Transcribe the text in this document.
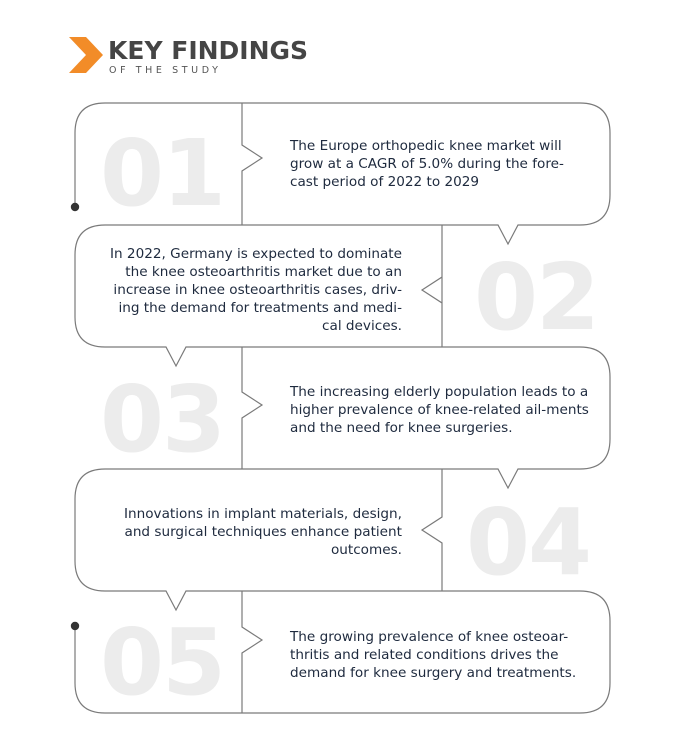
KEY FINDINGS
OF THE STUDY
01
02
03
04
05
The Europe orthopedic knee market will grow at a CAGR of 5.0% during the fore-cast period of 2022 to 2029
In 2022, Germany is expected to dominate the knee osteoarthritis market due to an increase in knee osteoarthritis cases, driv-ing the demand for treatments and medi-cal devices.
The increasing elderly population leads to a higher prevalence of knee-related ail-ments and the need for knee surgeries.
Innovations in implant materials, design, and surgical techniques enhance patient outcomes.
The growing prevalence of knee osteoar-thritis and related conditions drives the demand for knee surgery and treatments.
